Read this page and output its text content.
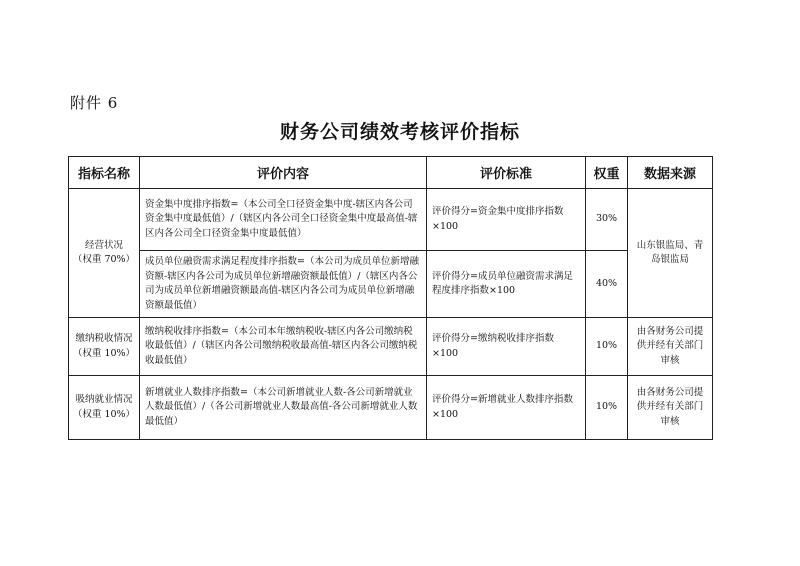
附件 6
财务公司绩效考核评价指标
指标名称	评价内容	评价标准	权重	数据来源

经营状况
（权重 70%）	资金集中度排序指数=（本公司全口径资金集中度-辖区内各公司资金集中度最低值）/（辖区内各公司全口径资金集中度最高值-辖区内各公司全口径资金集中度最低值）	评价得分=资金集中度排序指数×100	30%	山东银监局、青岛银监局
	成员单位融资需求满足程度排序指数=（本公司为成员单位新增融资额-辖区内各公司为成员单位新增融资额最低值）/（辖区内各公司为成员单位新增融资额最高值-辖区内各公司为成员单位新增融资额最低值）	评价得分=成员单位融资需求满足程度排序指数×100	40%	

缴纳税收情况
（权重 10%）	缴纳税收排序指数=（本公司本年缴纳税收-辖区内各公司缴纳税收最低值）/（辖区内各公司缴纳税收最高值-辖区内各公司缴纳税收最低值）	评价得分=缴纳税收排序指数×100	10%	由各财务公司提供并经有关部门审核

吸纳就业情况
（权重 10%）	新增就业人数排序指数=（本公司新增就业人数-各公司新增就业人数最低值）/（各公司新增就业人数最高值-各公司新增就业人数最低值）	评价得分=新增就业人数排序指数×100	10%	由各财务公司提供并经有关部门审核
